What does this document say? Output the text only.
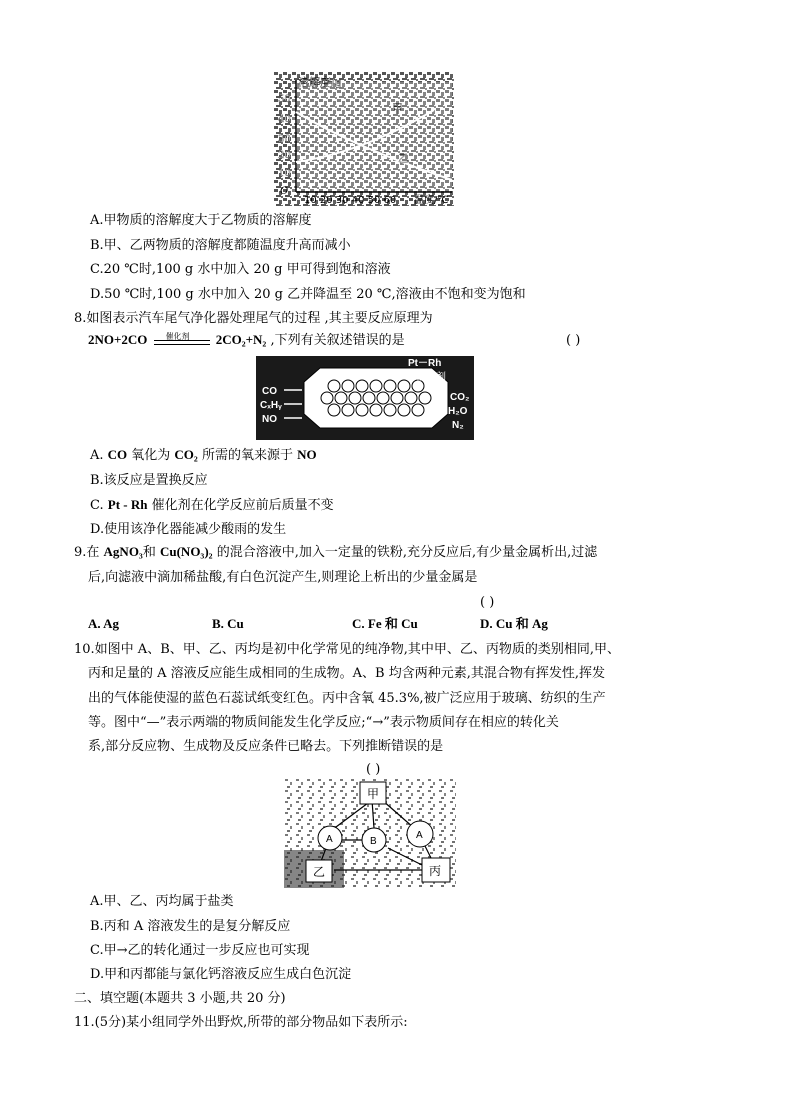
溶解度/g
50
40
30
20
10
O
10 20 30 40 50 60 温度/℃
甲
乙
A.甲物质的溶解度大于乙物质的溶解度
B.甲、乙两物质的溶解度都随温度升高而减小
C.20 ℃时,100 g 水中加入 20 g 甲可得到饱和溶液
D.50 ℃时,100 g 水中加入 20 g 乙并降温至 20 ℃,溶液由不饱和变为饱和
8.如图表示汽车尾气净化器处理尾气的过程 ,其主要反应原理为
2NO+2CO 催化剂 2CO₂+N₂ ,下列有关叙述错误的是	( )
Pt－Rh
催化剂
CO
CₓHᵧ
NO
CO₂
H₂O
N₂
A. CO 氧化为 CO₂ 所需的氧来源于 NO
B.该反应是置换反应
C. Pt - Rh 催化剂在化学反应前后质量不变
D.使用该净化器能减少酸雨的发生
9.在 AgNO₃和 Cu(NO₃)₂ 的混合溶液中,加入一定量的铁粉,充分反应后,有少量金属析出,过滤
后,向滤液中滴加稀盐酸,有白色沉淀产生,则理论上析出的少量金属是
( )
A. Ag	B. Cu	C. Fe 和 Cu	D. Cu 和 Ag
10.如图中 A、B、甲、乙、丙均是初中化学常见的纯净物,其中甲、乙、丙物质的类别相同,甲、
丙和足量的 A 溶液反应能生成相同的生成物。A、B 均含两种元素,其混合物有挥发性,挥发
出的气体能使湿的蓝色石蕊试纸变红色。丙中含氧 45.3%,被广泛应用于玻璃、纺织的生产
等。图中“—”表示两端的物质间能发生化学反应;“→”表示物质间存在相应的转化关
系,部分反应物、生成物及反应条件已略去。下列推断错误的是
( )
甲
A	B
A
乙	丙
A.甲、乙、丙均属于盐类
B.丙和 A 溶液发生的是复分解反应
C.甲→乙的转化通过一步反应也可实现
D.甲和丙都能与氯化钙溶液反应生成白色沉淀
二、填空题(本题共 3 小题,共 20 分)
11.(5分)某小组同学外出野炊,所带的部分物品如下表所示:
